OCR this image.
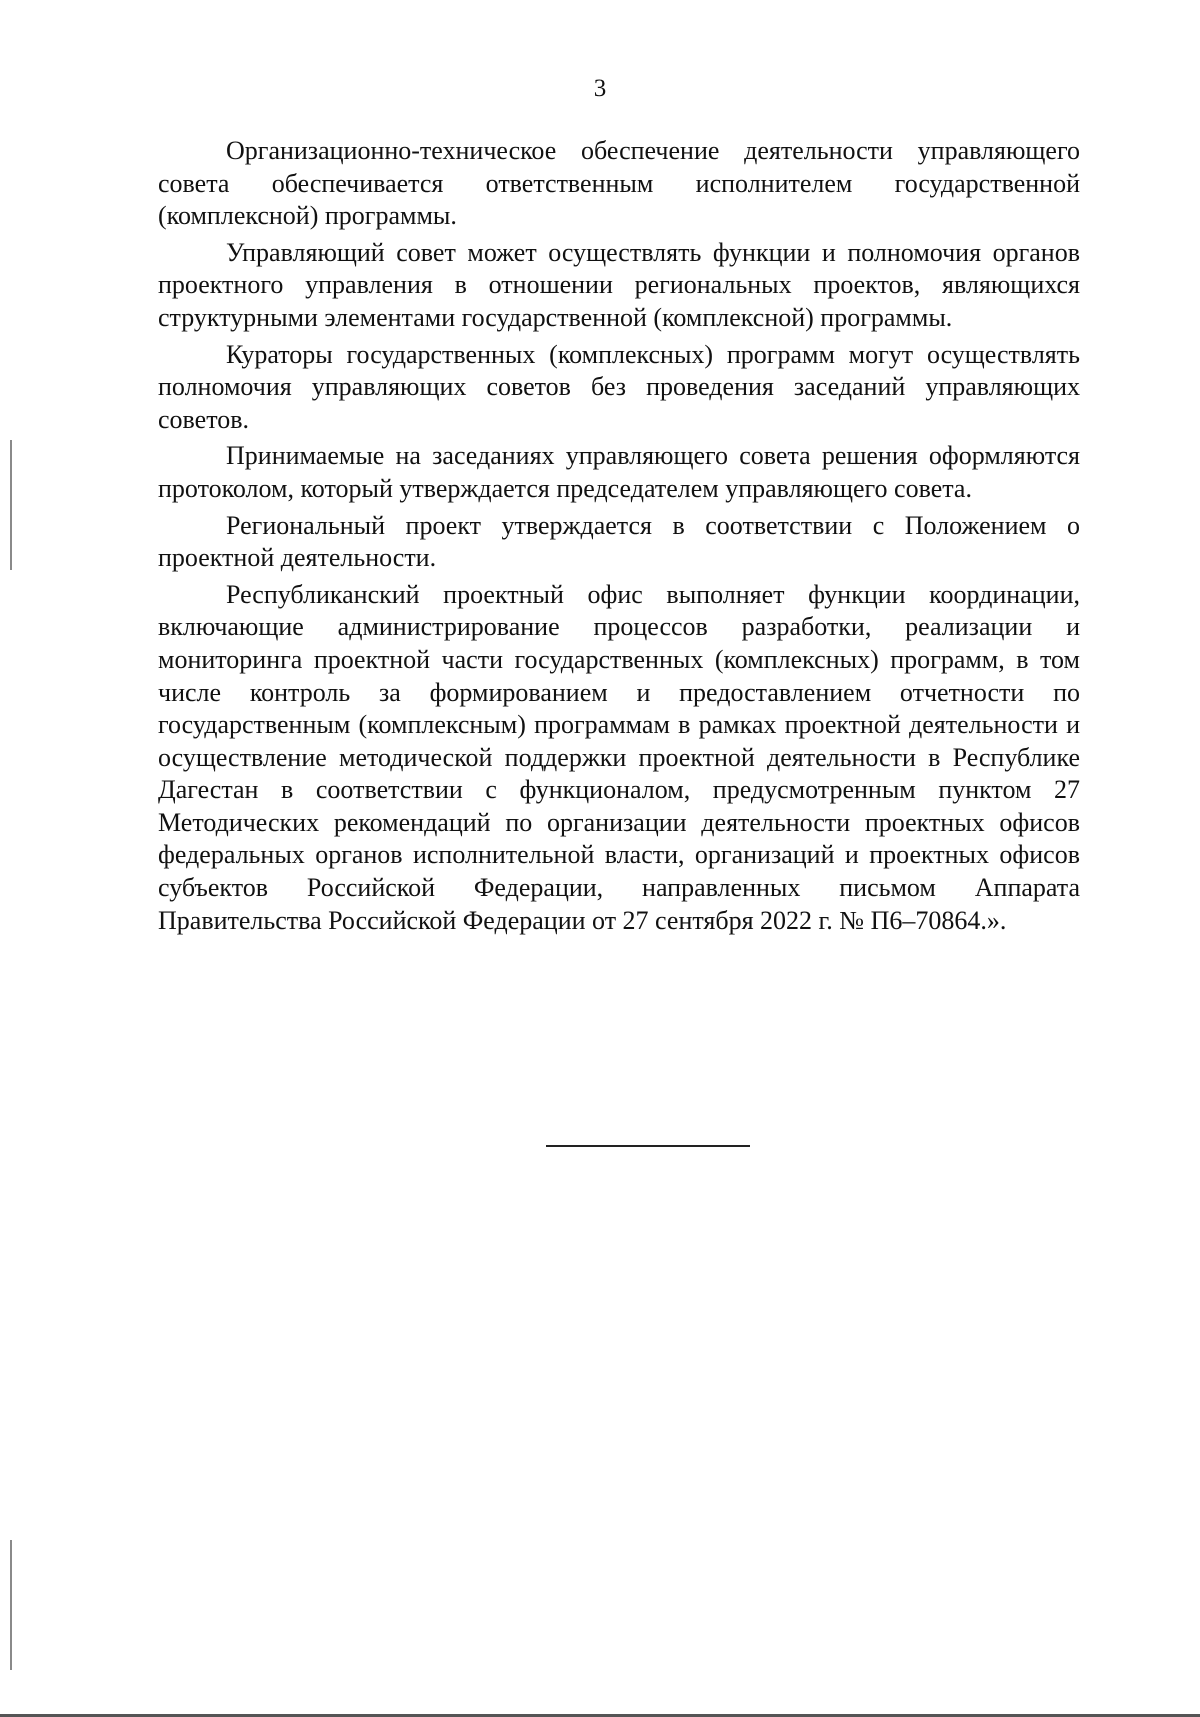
3

Организационно-техническое обеспечение деятельности управляющего совета обеспечивается ответственным исполнителем государственной (комплексной) программы.

Управляющий совет может осуществлять функции и полномочия органов проектного управления в отношении региональных проектов, являющихся структурными элементами государственной (комплексной) программы.

Кураторы государственных (комплексных) программ могут осуществлять полномочия управляющих советов без проведения заседаний управляющих советов.

Принимаемые на заседаниях управляющего совета решения оформляются протоколом, который утверждается председателем управляющего совета.

Региональный проект утверждается в соответствии с Положением о проектной деятельности.

Республиканский проектный офис выполняет функции координации, включающие администрирование процессов разработки, реализации и мониторинга проектной части государственных (комплексных) программ, в том числе контроль за формированием и предоставлением отчетности по государственным (комплексным) программам в рамках проектной деятельности и осуществление методической поддержки проектной деятельности в Республике Дагестан в соответствии с функционалом, предусмотренным пунктом 27 Методических рекомендаций по организации деятельности проектных офисов федеральных органов исполнительной власти, организаций и проектных офисов субъектов Российской Федерации, направленных письмом Аппарата Правительства Российской Федерации от 27 сентября 2022 г. № П6–70864.».
